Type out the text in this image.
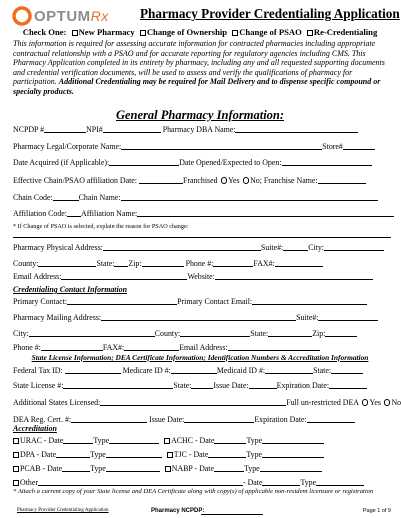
OPTUMRx Pharmacy Provider Credentialing Application
Check One: New Pharmacy Change of Ownership Change of PSAO Re-Credentialing
This information is required for assessing accurate information for contracted pharmacies including appropriate contractual relationship with a PSAO and for accurate reporting for regulatory agencies including CMS. This Pharmacy Application completed in its entirety by pharmacy, including any and all requested supporting documents and credential verification documents, will be used to assess and verify the qualifications of pharmacy for participation. Additional Credentialing may be required for Mail Delivery and to dispense specific compound or specialty products.
General Pharmacy Information:
NCPDP #	NPI#	Pharmacy DBA Name:
Pharmacy Legal/Corporate Name:	Store#
Date Acquired (if Applicable):	Date Opened/Expected to Open:
Effective Chain/PSAO affiliation Date:	Franchised Yes No; Franchise Name:
Chain Code:	Chain Name:
Affiliation Code: Affiliation Name:
* If Change of PSAO is selected, explain the reason for PSAO change:
Pharmacy Physical Address:	Suite#:	City:
County:	State: Zip:	Phone #:	FAX#:
Email Address:	Website:
Credentialing Contact Information
Primary Contact:	Primary Contact Email:
Pharmacy Mailing Address:	Suite#:
City:	County:	State:	Zip:
Phone #:	FAX#:	Email Address:
State License Information; DEA Certificate Information; Identification Numbers & Accreditation Information
Federal Tax ID:	Medicare ID #:	Medicaid ID #:	State:
State License #:	State:	Issue Date:	Expiration Date:
Additional States Licensed:	Full un-restricted DEA Yes No
DEA Reg. Cert. #:	Issue Date:	Expiration Date:
Accreditation
URAC - Date	Type	ACHC - Date	Type
DPA - Date	Type	TJC - Date	Type
PCAB - Date	Type	NABP - Date	Type
Other	- Date	Type
* Attach a current copy of your State license and DEA Certificate along with copy(s) of applicable non-resident licensure or registration
Pharmacy Provider Credentialing Application	Pharmacy NCPDP:	Page 1 of 9
